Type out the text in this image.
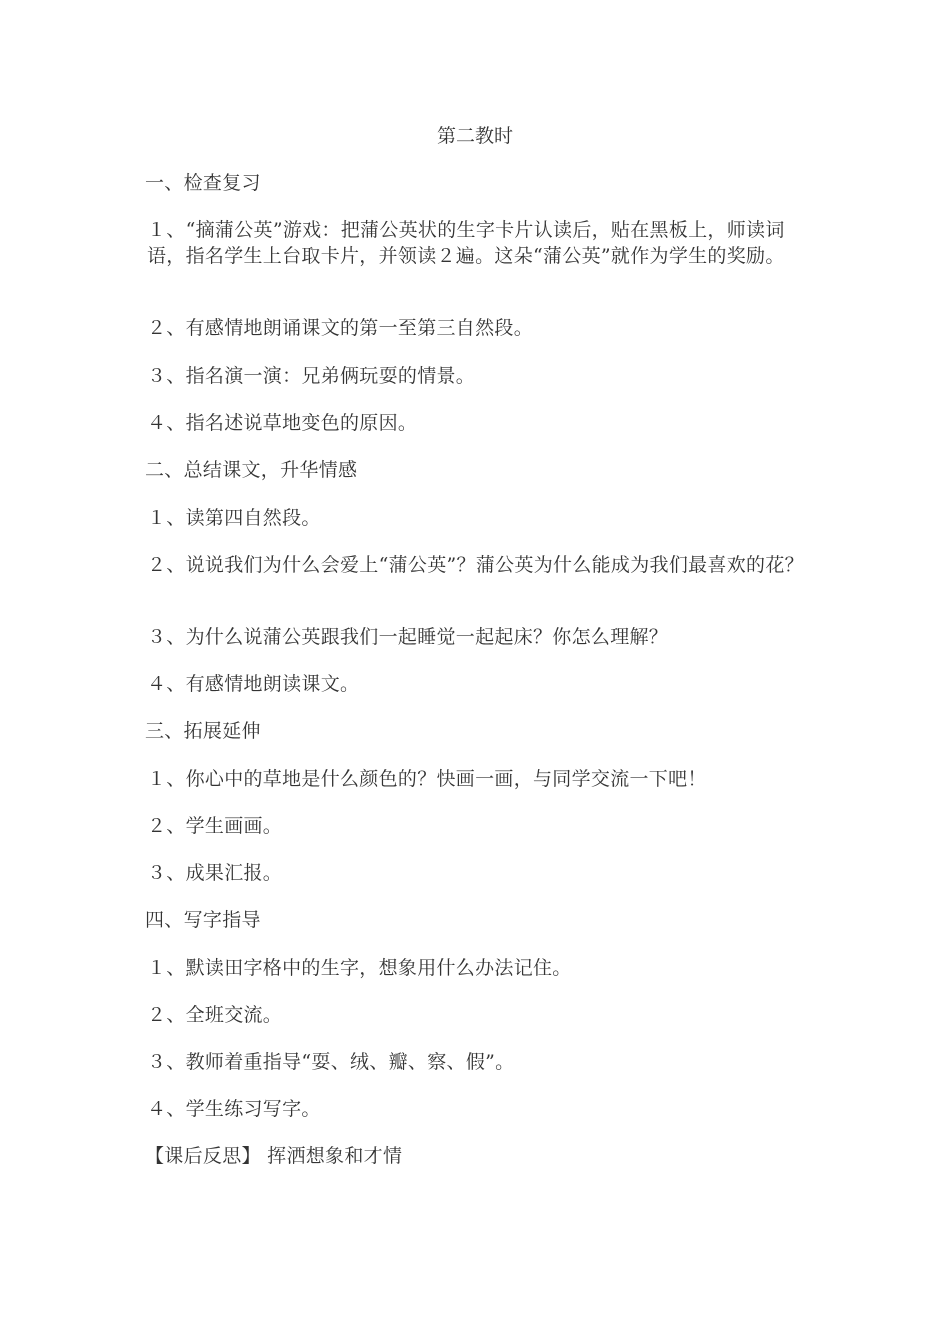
第二教时
一、检查复习
１、“摘蒲公英”游戏：把蒲公英状的生字卡片认读后，贴在黑板上，师读词语，指名学生上台取卡片，并领读２遍。这朵“蒲公英”就作为学生的奖励。
２、有感情地朗诵课文的第一至第三自然段。
３、指名演一演：兄弟俩玩耍的情景。
４、指名述说草地变色的原因。
二、总结课文，升华情感
１、读第四自然段。
２、说说我们为什么会爱上“蒲公英”？蒲公英为什么能成为我们最喜欢的花？
３、为什么说蒲公英跟我们一起睡觉一起起床？你怎么理解？
４、有感情地朗读课文。
三、拓展延伸
１、你心中的草地是什么颜色的？快画一画，与同学交流一下吧！
２、学生画画。
３、成果汇报。
四、写字指导
１、默读田字格中的生字，想象用什么办法记住。
２、全班交流。
３、教师着重指导“耍、绒、瓣、察、假”。
４、学生练习写字。
【课后反思】 挥洒想象和才情
